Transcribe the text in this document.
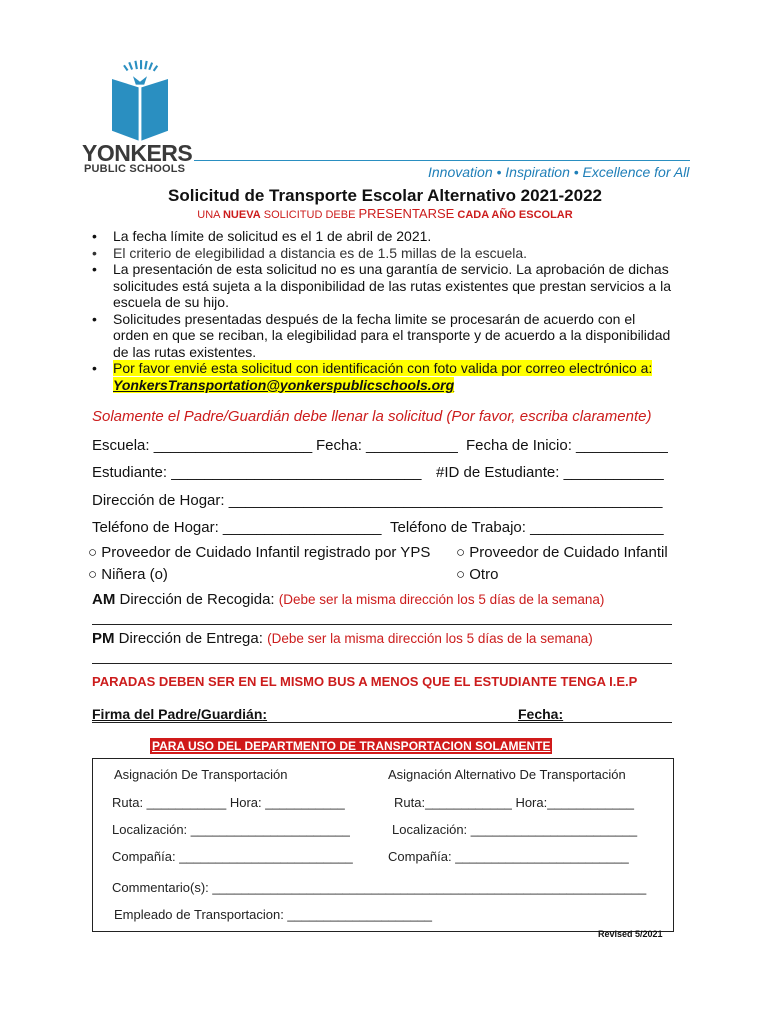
YONKERS
PUBLIC SCHOOLS	Innovation • Inspiration • Excellence for All
Solicitud de Transporte Escolar Alternativo 2021-2022
UNA NUEVA SOLICITUD DEBE PRESENTARSE CADA AÑO ESCOLAR
• La fecha límite de solicitud es el 1 de abril de 2021.
• El criterio de elegibilidad a distancia es de 1.5 millas de la escuela.
• La presentación de esta solicitud no es una garantía de servicio. La aprobación de dichas solicitudes está sujeta a la disponibilidad de las rutas existentes que prestan servicios a la escuela de su hijo.
• Solicitudes presentadas después de la fecha limite se procesarán de acuerdo con el orden en que se reciban, la elegibilidad para el transporte y de acuerdo a la disponibilidad de las rutas existentes.
• Por favor envié esta solicitud con identificación con foto valida por correo electrónico a: YonkersTransportation@yonkerspublicschools.org
Solamente el Padre/Guardián debe llenar la solicitud (Por favor, escriba claramente)
Escuela: ___________________ Fecha: ___________ Fecha de Inicio: ___________
Estudiante: ______________________________ #ID de Estudiante: ____________
Dirección de Hogar: ____________________________________________________
Teléfono de Hogar: ___________________ Teléfono de Trabajo: ________________
○ Proveedor de Cuidado Infantil registrado por YPS ○ Proveedor de Cuidado Infantil
○ Niñera (o)	○ Otro
AM Dirección de Recogida: (Debe ser la misma dirección los 5 días de la semana)
PM Dirección de Entrega: (Debe ser la misma dirección los 5 días de la semana)
PARADAS DEBEN SER EN EL MISMO BUS A MENOS QUE EL ESTUDIANTE TENGA I.E.P
Firma del Padre/Guardián:	Fecha:
PARA USO DEL DEPARTMENTO DE TRANSPORTACION SOLAMENTE
Asignación De Transportación	Asignación Alternativo De Transportación
Ruta: ___________ Hora: ___________	Ruta:____________ Hora:____________
Localización: ______________________	Localización: _______________________
Compañía: ________________________	Compañía: ________________________
Commentario(s): ____________________________________________________________
Empleado de Transportacion: ____________________
Revised 5/2021
